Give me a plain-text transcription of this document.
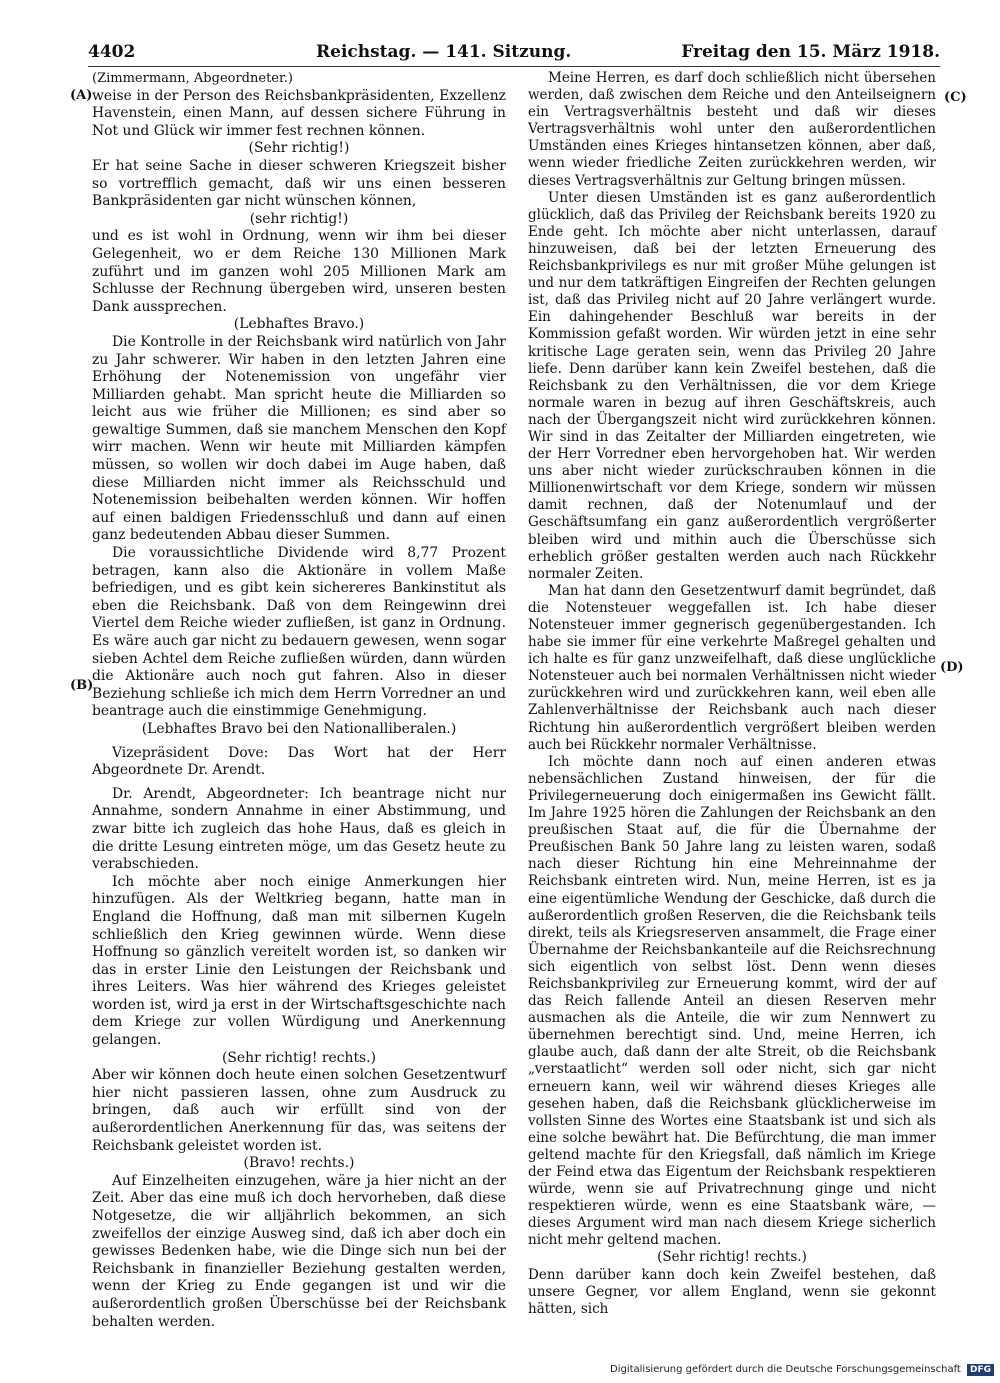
4402	Reichstag. — 141. Sitzung.	Freitag den 15. März 1918.
(A)
(B)
(C)
(D)

(Zimmermann, Abgeordneter.)

weise in der Person des Reichsbankpräsidenten, Exzellenz Havenstein, einen Mann, auf dessen sichere Führung in Not und Glück wir immer fest rechnen können.

(Sehr richtig!)

Er hat seine Sache in dieser schweren Kriegszeit bisher so vortrefflich gemacht, daß wir uns einen besseren Bankpräsidenten gar nicht wünschen können,

(sehr richtig!)

und es ist wohl in Ordnung, wenn wir ihm bei dieser Gelegenheit, wo er dem Reiche 130 Millionen Mark zuführt und im ganzen wohl 205 Millionen Mark am Schlusse der Rechnung übergeben wird, unseren besten Dank aussprechen.

(Lebhaftes Bravo.)

Die Kontrolle in der Reichsbank wird natürlich von Jahr zu Jahr schwerer. Wir haben in den letzten Jahren eine Erhöhung der Notenemission von ungefähr vier Milliarden gehabt. Man spricht heute die Milliarden so leicht aus wie früher die Millionen; es sind aber so gewaltige Summen, daß sie manchem Menschen den Kopf wirr machen. Wenn wir heute mit Milliarden kämpfen müssen, so wollen wir doch dabei im Auge haben, daß diese Milliarden nicht immer als Reichsschuld und Notenemission beibehalten werden können. Wir hoffen auf einen baldigen Friedensschluß und dann auf einen ganz bedeutenden Abbau dieser Summen.

Die voraussichtliche Dividende wird 8,77 Prozent betragen, kann also die Aktionäre in vollem Maße befriedigen, und es gibt kein sichereres Bankinstitut als eben die Reichsbank. Daß von dem Reingewinn drei Viertel dem Reiche wieder zufließen, ist ganz in Ordnung. Es wäre auch gar nicht zu bedauern gewesen, wenn sogar sieben Achtel dem Reiche zufließen würden, dann würden die Aktionäre auch noch gut fahren. Also in dieser Beziehung schließe ich mich dem Herrn Vorredner an und beantrage auch die einstimmige Genehmigung.

(Lebhaftes Bravo bei den Nationalliberalen.)

Vizepräsident Dove: Das Wort hat der Herr Abgeordnete Dr. Arendt.

Dr. Arendt, Abgeordneter: Ich beantrage nicht nur Annahme, sondern Annahme in einer Abstimmung, und zwar bitte ich zugleich das hohe Haus, daß es gleich in die dritte Lesung eintreten möge, um das Gesetz heute zu verabschieden.

Ich möchte aber noch einige Anmerkungen hier hinzufügen. Als der Weltkrieg begann, hatte man in England die Hoffnung, daß man mit silbernen Kugeln schließlich den Krieg gewinnen würde. Wenn diese Hoffnung so gänzlich vereitelt worden ist, so danken wir das in erster Linie den Leistungen der Reichsbank und ihres Leiters. Was hier während des Krieges geleistet worden ist, wird ja erst in der Wirtschaftsgeschichte nach dem Kriege zur vollen Würdigung und Anerkennung gelangen.

(Sehr richtig! rechts.)

Aber wir können doch heute einen solchen Gesetzentwurf hier nicht passieren lassen, ohne zum Ausdruck zu bringen, daß auch wir erfüllt sind von der außerordentlichen Anerkennung für das, was seitens der Reichsbank geleistet worden ist.

(Bravo! rechts.)

Auf Einzelheiten einzugehen, wäre ja hier nicht an der Zeit. Aber das eine muß ich doch hervorheben, daß diese Notgesetze, die wir alljährlich bekommen, an sich zweifellos der einzige Ausweg sind, daß ich aber doch ein gewisses Bedenken habe, wie die Dinge sich nun bei der Reichsbank in finanzieller Beziehung gestalten werden, wenn der Krieg zu Ende gegangen ist und wir die außerordentlich großen Überschüsse bei der Reichsbank behalten werden.

Meine Herren, es darf doch schließlich nicht übersehen werden, daß zwischen dem Reiche und den Anteilseignern ein Vertragsverhältnis besteht und daß wir dieses Vertragsverhältnis wohl unter den außerordentlichen Umständen eines Krieges hintansetzen können, aber daß, wenn wieder friedliche Zeiten zurückkehren werden, wir dieses Vertragsverhältnis zur Geltung bringen müssen.

Unter diesen Umständen ist es ganz außerordentlich glücklich, daß das Privileg der Reichsbank bereits 1920 zu Ende geht. Ich möchte aber nicht unterlassen, darauf hinzuweisen, daß bei der letzten Erneuerung des Reichsbankprivilegs es nur mit großer Mühe gelungen ist und nur dem tatkräftigen Eingreifen der Rechten gelungen ist, daß das Privileg nicht auf 20 Jahre verlängert wurde. Ein dahingehender Beschluß war bereits in der Kommission gefaßt worden. Wir würden jetzt in eine sehr kritische Lage geraten sein, wenn das Privileg 20 Jahre liefe. Denn darüber kann kein Zweifel bestehen, daß die Reichsbank zu den Verhältnissen, die vor dem Kriege normale waren in bezug auf ihren Geschäftskreis, auch nach der Übergangszeit nicht wird zurückkehren können. Wir sind in das Zeitalter der Milliarden eingetreten, wie der Herr Vorredner eben hervorgehoben hat. Wir werden uns aber nicht wieder zurückschrauben können in die Millionenwirtschaft vor dem Kriege, sondern wir müssen damit rechnen, daß der Notenumlauf und der Geschäftsumfang ein ganz außerordentlich vergrößerter bleiben wird und mithin auch die Überschüsse sich erheblich größer gestalten werden auch nach Rückkehr normaler Zeiten.

Man hat dann den Gesetzentwurf damit begründet, daß die Notensteuer weggefallen ist. Ich habe dieser Notensteuer immer gegnerisch gegenübergestanden. Ich habe sie immer für eine verkehrte Maßregel gehalten und ich halte es für ganz unzweifelhaft, daß diese unglückliche Notensteuer auch bei normalen Verhältnissen nicht wieder zurückkehren wird und zurückkehren kann, weil eben alle Zahlenverhältnisse der Reichsbank auch nach dieser Richtung hin außerordentlich vergrößert bleiben werden auch bei Rückkehr normaler Verhältnisse.

Ich möchte dann noch auf einen anderen etwas nebensächlichen Zustand hinweisen, der für die Privilegerneuerung doch einigermaßen ins Gewicht fällt. Im Jahre 1925 hören die Zahlungen der Reichsbank an den preußischen Staat auf, die für die Übernahme der Preußischen Bank 50 Jahre lang zu leisten waren, sodaß nach dieser Richtung hin eine Mehreinnahme der Reichsbank eintreten wird. Nun, meine Herren, ist es ja eine eigentümliche Wendung der Geschicke, daß durch die außerordentlich großen Reserven, die die Reichsbank teils direkt, teils als Kriegsreserven ansammelt, die Frage einer Übernahme der Reichsbankanteile auf die Reichsrechnung sich eigentlich von selbst löst. Denn wenn dieses Reichsbankprivileg zur Erneuerung kommt, wird der auf das Reich fallende Anteil an diesen Reserven mehr ausmachen als die Anteile, die wir zum Nennwert zu übernehmen berechtigt sind. Und, meine Herren, ich glaube auch, daß dann der alte Streit, ob die Reichsbank „verstaatlicht“ werden soll oder nicht, sich gar nicht erneuern kann, weil wir während dieses Krieges alle gesehen haben, daß die Reichsbank glücklicherweise im vollsten Sinne des Wortes eine Staatsbank ist und sich als eine solche bewährt hat. Die Befürchtung, die man immer geltend machte für den Kriegsfall, daß nämlich im Kriege der Feind etwa das Eigentum der Reichsbank respektieren würde, wenn sie auf Privatrechnung ginge und nicht respektieren würde, wenn es eine Staatsbank wäre, — dieses Argument wird man nach diesem Kriege sicherlich nicht mehr geltend machen.

(Sehr richtig! rechts.)

Denn darüber kann doch kein Zweifel bestehen, daß unsere Gegner, vor allem England, wenn sie gekonnt hätten, sich

Digitalisierung gefördert durch die Deutsche Forschungsgemeinschaft DFG
